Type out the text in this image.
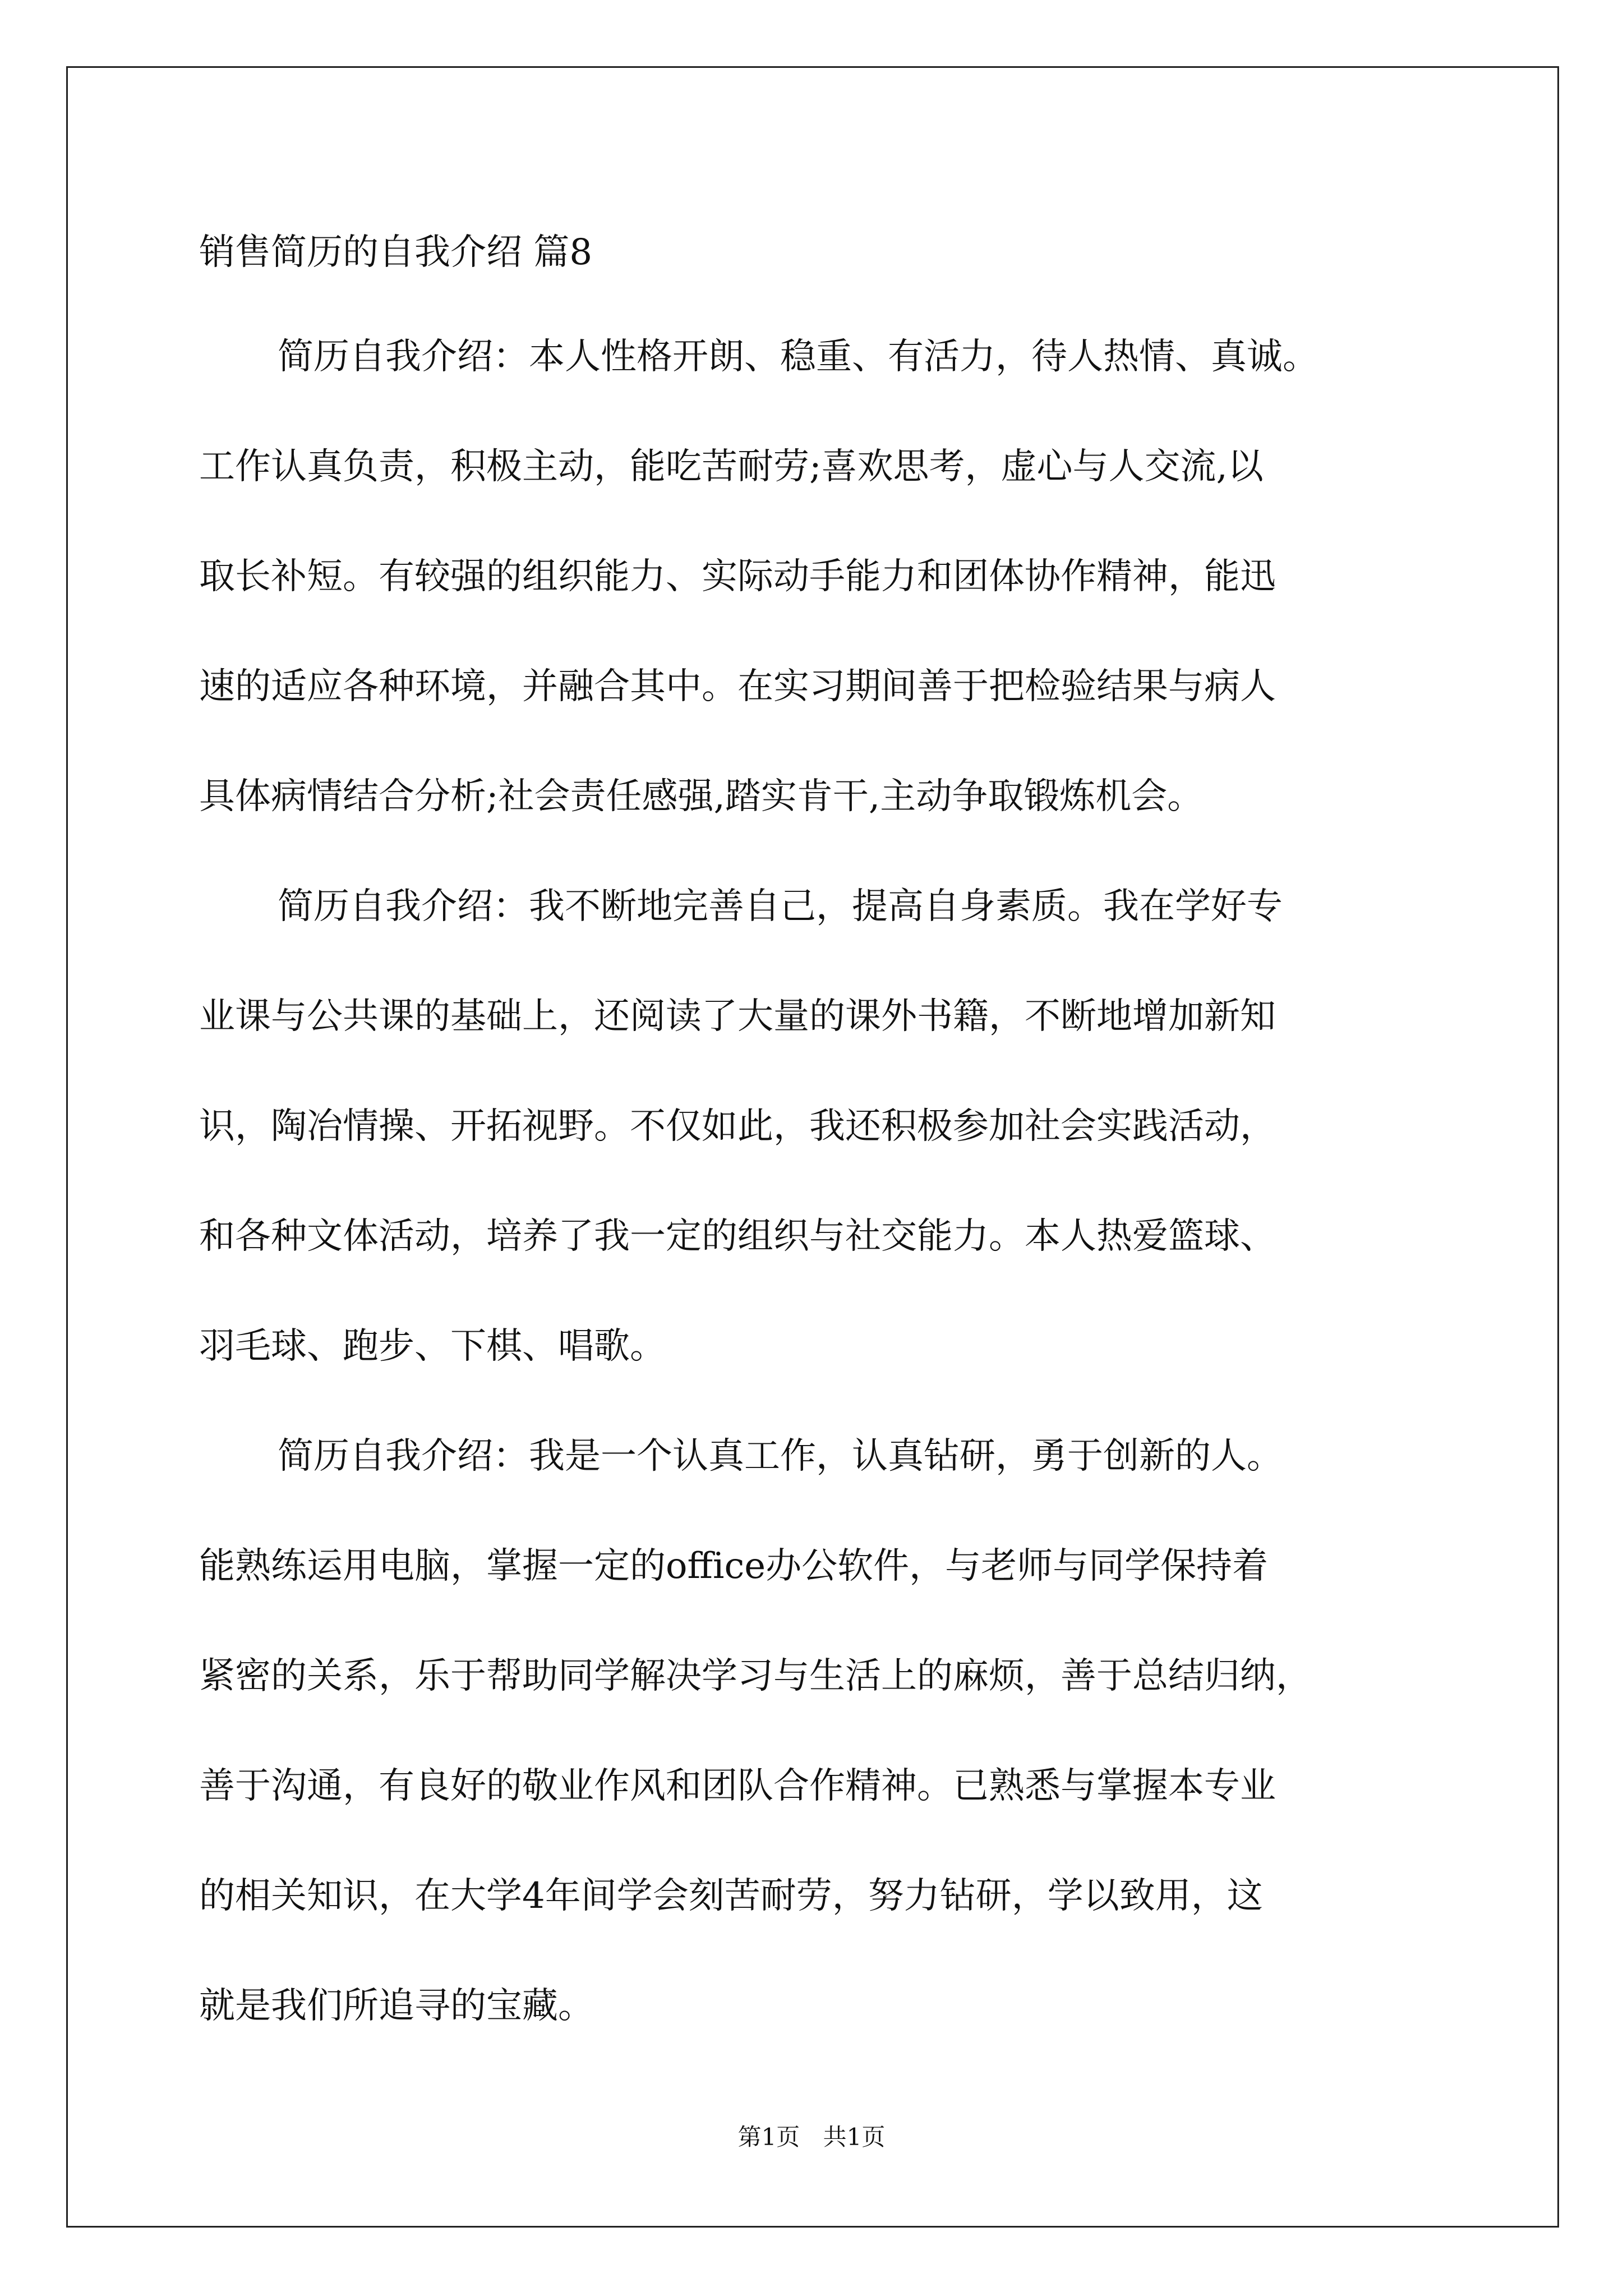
销售简历的自我介绍 篇8
简历自我介绍：本人性格开朗、稳重、有活力，待人热情、真诚。
工作认真负责，积极主动，能吃苦耐劳;喜欢思考，虚心与人交流,以
取长补短。有较强的组织能力、实际动手能力和团体协作精神，能迅
速的适应各种环境，并融合其中。在实习期间善于把检验结果与病人
具体病情结合分析;社会责任感强,踏实肯干,主动争取锻炼机会。
简历自我介绍：我不断地完善自己，提高自身素质。我在学好专
业课与公共课的基础上，还阅读了大量的课外书籍，不断地增加新知
识，陶冶情操、开拓视野。不仅如此，我还积极参加社会实践活动，
和各种文体活动，培养了我一定的组织与社交能力。本人热爱篮球、
羽毛球、跑步、下棋、唱歌。
简历自我介绍：我是一个认真工作，认真钻研，勇于创新的人。
能熟练运用电脑，掌握一定的office办公软件，与老师与同学保持着
紧密的关系，乐于帮助同学解决学习与生活上的麻烦，善于总结归纳，
善于沟通，有良好的敬业作风和团队合作精神。已熟悉与掌握本专业
的相关知识，在大学4年间学会刻苦耐劳，努力钻研，学以致用，这
就是我们所追寻的宝藏。
第1页 共1页
